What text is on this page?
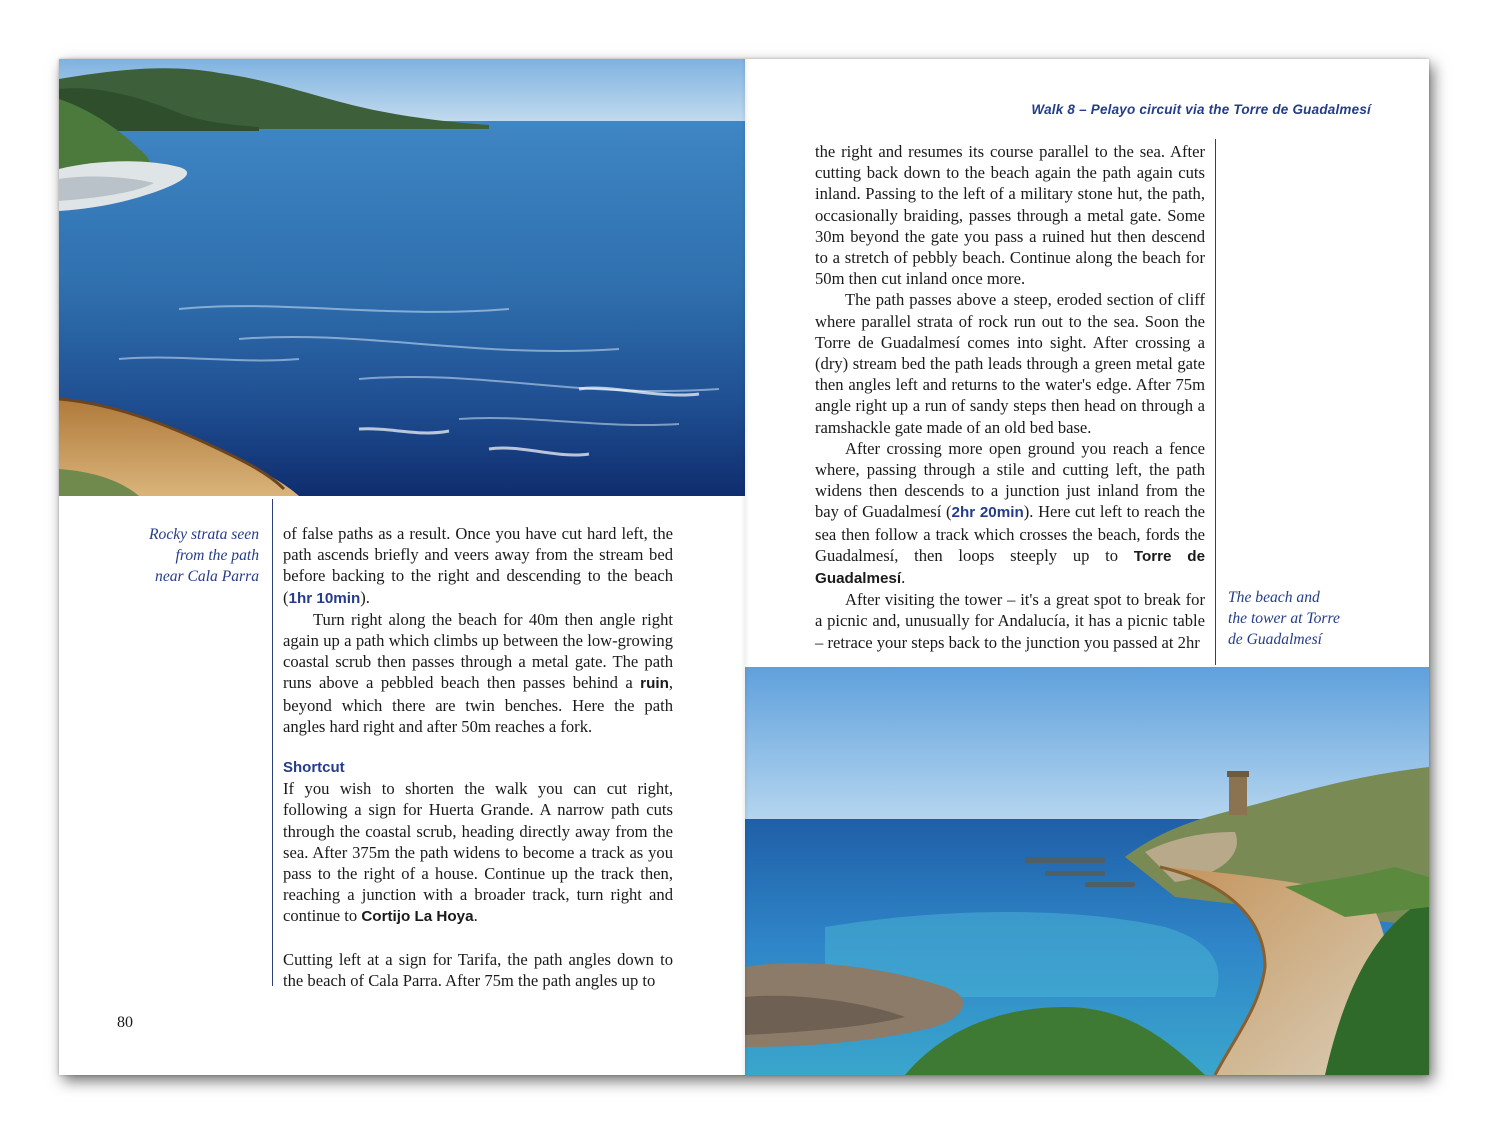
Rocky strata seen
from the path
near Cala Parra

of false paths as a result. Once you have cut hard left, the path ascends briefly and veers away from the stream bed before backing to the right and descending to the beach (1hr 10min).

Turn right along the beach for 40m then angle right again up a path which climbs up between the low-growing coastal scrub then passes through a metal gate. The path runs above a pebbled beach then passes behind a ruin, beyond which there are twin benches. Here the path angles hard right and after 50m reaches a fork.

Shortcut

If you wish to shorten the walk you can cut right, following a sign for Huerta Grande. A narrow path cuts through the coastal scrub, heading directly away from the sea. After 375m the path widens to become a track as you pass to the right of a house. Continue up the track then, reaching a junction with a broader track, turn right and continue to Cortijo La Hoya.

Cutting left at a sign for Tarifa, the path angles down to the beach of Cala Parra. After 75m the path angles up to

80
Walk 8 – Pelayo circuit via the Torre de Guadalmesí

the right and resumes its course parallel to the sea. After cutting back down to the beach again the path again cuts inland. Passing to the left of a military stone hut, the path, occasionally braiding, passes through a metal gate. Some 30m beyond the gate you pass a ruined hut then descend to a stretch of pebbly beach. Continue along the beach for 50m then cut inland once more.

The path passes above a steep, eroded section of cliff where parallel strata of rock run out to the sea. Soon the Torre de Guadalmesí comes into sight. After crossing a (dry) stream bed the path leads through a green metal gate then angles left and returns to the water's edge. After 75m angle right up a run of sandy steps then head on through a ramshackle gate made of an old bed base.

After crossing more open ground you reach a fence where, passing through a stile and cutting left, the path widens then descends to a junction just inland from the bay of Guadalmesí (2hr 20min). Here cut left to reach the sea then follow a track which crosses the beach, fords the Guadalmesí, then loops steeply up to Torre de Guadalmesí.

After visiting the tower – it's a great spot to break for a picnic and, unusually for Andalucía, it has a picnic table – retrace your steps back to the junction you passed at 2hr

The beach and
the tower at Torre
de Guadalmesí
